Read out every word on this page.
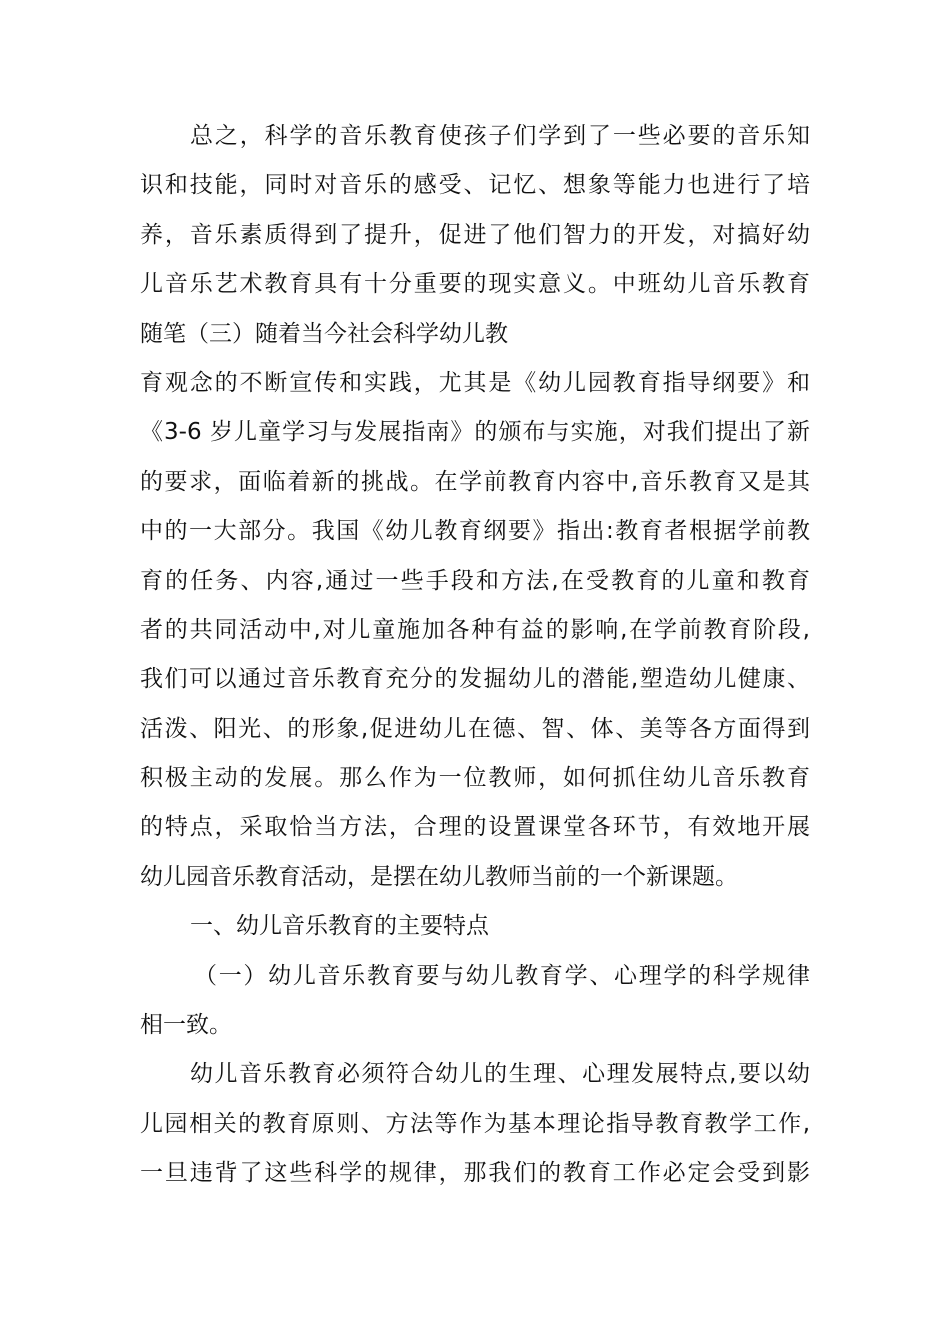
总之，科学的音乐教育使孩子们学到了一些必要的音乐知
识和技能，同时对音乐的感受、记忆、想象等能力也进行了培
养，音乐素质得到了提升，促进了他们智力的开发，对搞好幼
儿音乐艺术教育具有十分重要的现实意义。中班幼儿音乐教育
随笔（三）随着当今社会科学幼儿教
育观念的不断宣传和实践，尤其是《幼儿园教育指导纲要》和
《3-6 岁儿童学习与发展指南》的颁布与实施，对我们提出了新
的要求，面临着新的挑战。在学前教育内容中,音乐教育又是其
中的一大部分。我国《幼儿教育纲要》指出:教育者根据学前教
育的任务、内容,通过一些手段和方法,在受教育的儿童和教育
者的共同活动中,对儿童施加各种有益的影响,在学前教育阶段,
我们可以通过音乐教育充分的发掘幼儿的潜能,塑造幼儿健康、
活泼、阳光、的形象,促进幼儿在德、智、体、美等各方面得到
积极主动的发展。那么作为一位教师，如何抓住幼儿音乐教育
的特点，采取恰当方法，合理的设置课堂各环节，有效地开展
幼儿园音乐教育活动，是摆在幼儿教师当前的一个新课题。
一、幼儿音乐教育的主要特点
（一）幼儿音乐教育要与幼儿教育学、心理学的科学规律
相一致。
幼儿音乐教育必须符合幼儿的生理、心理发展特点,要以幼
儿园相关的教育原则、方法等作为基本理论指导教育教学工作,
一旦违背了这些科学的规律，那我们的教育工作必定会受到影
